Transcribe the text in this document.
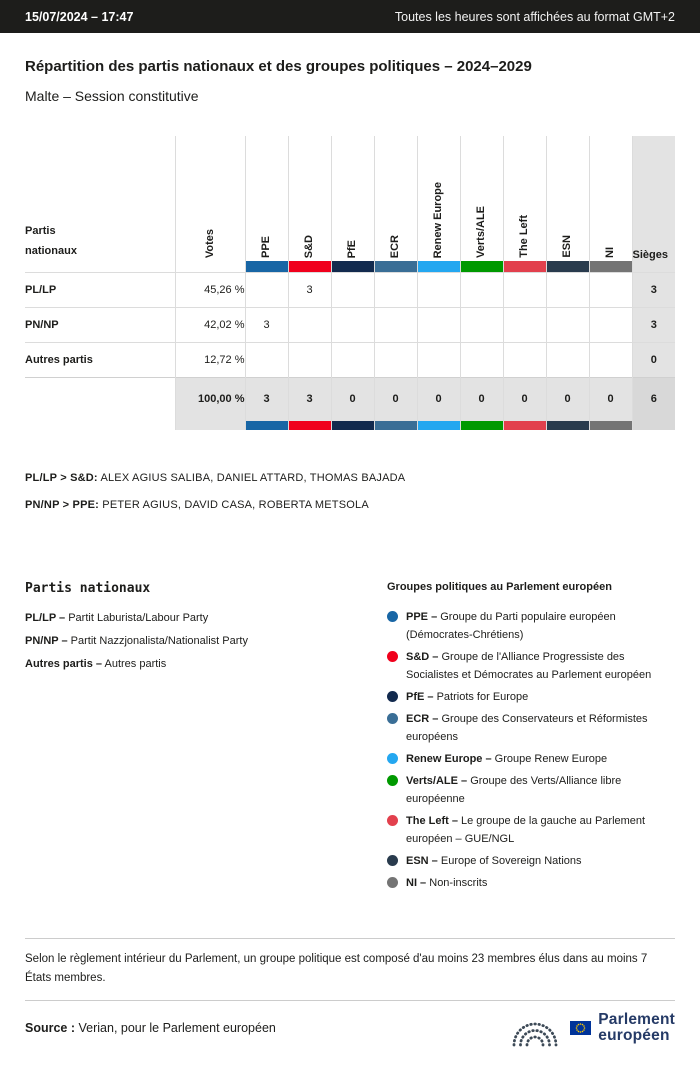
15/07/2024 – 17:47	Toutes les heures sont affichées au format GMT+2
Répartition des partis nationaux et des groupes politiques – 2024–2029
Malte – Session constitutive
Partis nationaux	Votes	PPE	S&D	PfE	ECR	Renew Europe	Verts/ALE	The Left	ESN	NI	Sièges

PL/LP	45,26 %		3								3
PN/NP	42,02 %	3									3
Autres partis	12,72 %										0
	100,00 %	3	3	0	0	0	0	0	0	0	6

PL/LP > S&D: ALEX AGIUS SALIBA, DANIEL ATTARD, THOMAS BAJADA

PN/NP > PPE: PETER AGIUS, DAVID CASA, ROBERTA METSOLA

Partis nationaux

PL/LP – Partit Laburista/Labour Party

PN/NP – Partit Nazzjonalista/Nationalist Party

Autres partis – Autres partis

Groupes politiques au Parlement européen
PPE – Groupe du Parti populaire européen (Démocrates-Chrétiens)
S&D – Groupe de l'Alliance Progressiste des Socialistes et Démocrates au Parlement européen
PfE – Patriots for Europe
ECR – Groupe des Conservateurs et Réformistes européens
Renew Europe – Groupe Renew Europe
Verts/ALE – Groupe des Verts/Alliance libre européenne
The Left – Le groupe de la gauche au Parlement européen – GUE/NGL
ESN – Europe of Sovereign Nations
NI – Non-inscrits

Selon le règlement intérieur du Parlement, un groupe politique est composé d'au moins 23 membres élus dans au moins 7 États membres.

Source : Verian, pour le Parlement européen	Parlement
européen
